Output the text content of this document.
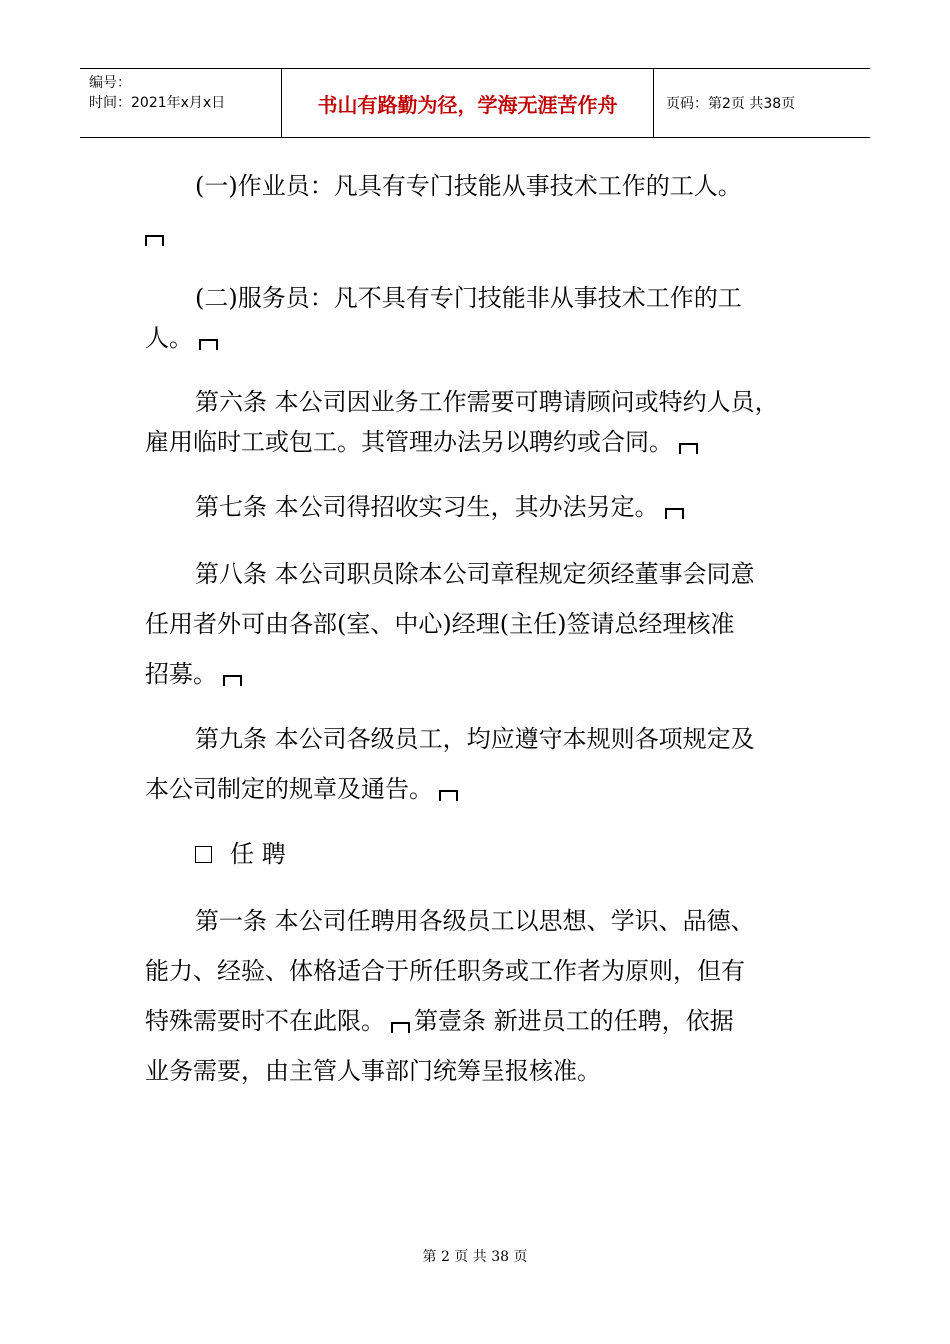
编号：
时间：2021年x月x日	书山有路勤为径，学海无涯苦作舟	页码：第2页 共38页
(一)作业员：凡具有专门技能从事技术工作的工人。
(二)服务员：凡不具有专门技能非从事技术工作的工
人。
第六条 本公司因业务工作需要可聘请顾问或特约人员，
雇用临时工或包工。其管理办法另以聘约或合同。
第七条 本公司得招收实习生，其办法另定。
第八条 本公司职员除本公司章程规定须经董事会同意
任用者外可由各部(室、中心)经理(主任)签请总经理核准
招募。
第九条 本公司各级员工，均应遵守本规则各项规定及
本公司制定的规章及通告。
任 聘
第一条 本公司任聘用各级员工以思想、学识、品德、
能力、经验、体格适合于所任职务或工作者为原则，但有
特殊需要时不在此限。 第壹条 新进员工的任聘，依据
业务需要，由主管人事部门统筹呈报核准。
第 2 页 共 38 页
